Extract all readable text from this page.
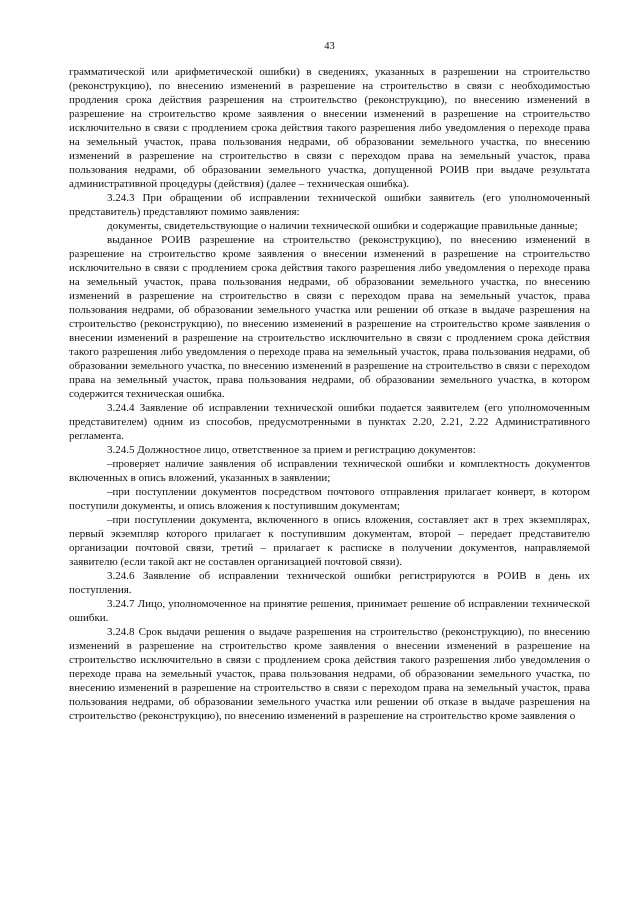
43

грамматической или арифметической ошибки) в сведениях, указанных в разрешении на строительство (реконструкцию), по внесению изменений в разрешение на строительство в связи с необходимостью продления срока действия разрешения на строительство (реконструкцию), по внесению изменений в разрешение на строительство кроме заявления о внесении изменений в разрешение на строительство исключительно в связи с продлением срока действия такого разрешения либо уведомления о переходе права на земельный участок, права пользования недрами, об образовании земельного участка, по внесению изменений в разрешение на строительство в связи с переходом права на земельный участок, права пользования недрами, об образовании земельного участка, допущенной РОИВ при выдаче результата административной процедуры (действия) (далее – техническая ошибка).

3.24.3 При обращении об исправлении технической ошибки заявитель (его уполномоченный представитель) представляют помимо заявления:

документы, свидетельствующие о наличии технической ошибки и содержащие правильные данные;

выданное РОИВ разрешение на строительство (реконструкцию), по внесению изменений в разрешение на строительство кроме заявления о внесении изменений в разрешение на строительство исключительно в связи с продлением срока действия такого разрешения либо уведомления о переходе права на земельный участок, права пользования недрами, об образовании земельного участка, по внесению изменений в разрешение на строительство в связи с переходом права на земельный участок, права пользования недрами, об образовании земельного участка или решении об отказе в выдаче разрешения на строительство (реконструкцию), по внесению изменений в разрешение на строительство кроме заявления о внесении изменений в разрешение на строительство исключительно в связи с продлением срока действия такого разрешения либо уведомления о переходе права на земельный участок, права пользования недрами, об образовании земельного участка, по внесению изменений в разрешение на строительство в связи с переходом права на земельный участок, права пользования недрами, об образовании земельного участка, в котором содержится техническая ошибка.

3.24.4 Заявление об исправлении технической ошибки подается заявителем (его уполномоченным представителем) одним из способов, предусмотренными в пунктах 2.20, 2.21, 2.22 Административного регламента.

3.24.5 Должностное лицо, ответственное за прием и регистрацию документов:

–проверяет наличие заявления об исправлении технической ошибки и комплектность документов включенных в опись вложений, указанных в заявлении;

–при поступлении документов посредством почтового отправления прилагает конверт, в котором поступили документы, и опись вложения к поступившим документам;

–при поступлении документа, включенного в опись вложения, составляет акт в трех экземплярах, первый экземпляр которого прилагает к поступившим документам, второй – передает представителю организации почтовой связи, третий – прилагает к расписке в получении документов, направляемой заявителю (если такой акт не составлен организацией почтовой связи).

3.24.6 Заявление об исправлении технической ошибки регистрируются в РОИВ в день их поступления.

3.24.7 Лицо, уполномоченное на принятие решения, принимает решение об исправлении технической ошибки.

3.24.8 Срок выдачи решения о выдаче разрешения на строительство (реконструкцию), по внесению изменений в разрешение на строительство кроме заявления о внесении изменений в разрешение на строительство исключительно в связи с продлением срока действия такого разрешения либо уведомления о переходе права на земельный участок, права пользования недрами, об образовании земельного участка, по внесению изменений в разрешение на строительство в связи с переходом права на земельный участок, права пользования недрами, об образовании земельного участка или решении об отказе в выдаче разрешения на строительство (реконструкцию), по внесению изменений в разрешение на строительство кроме заявления о
